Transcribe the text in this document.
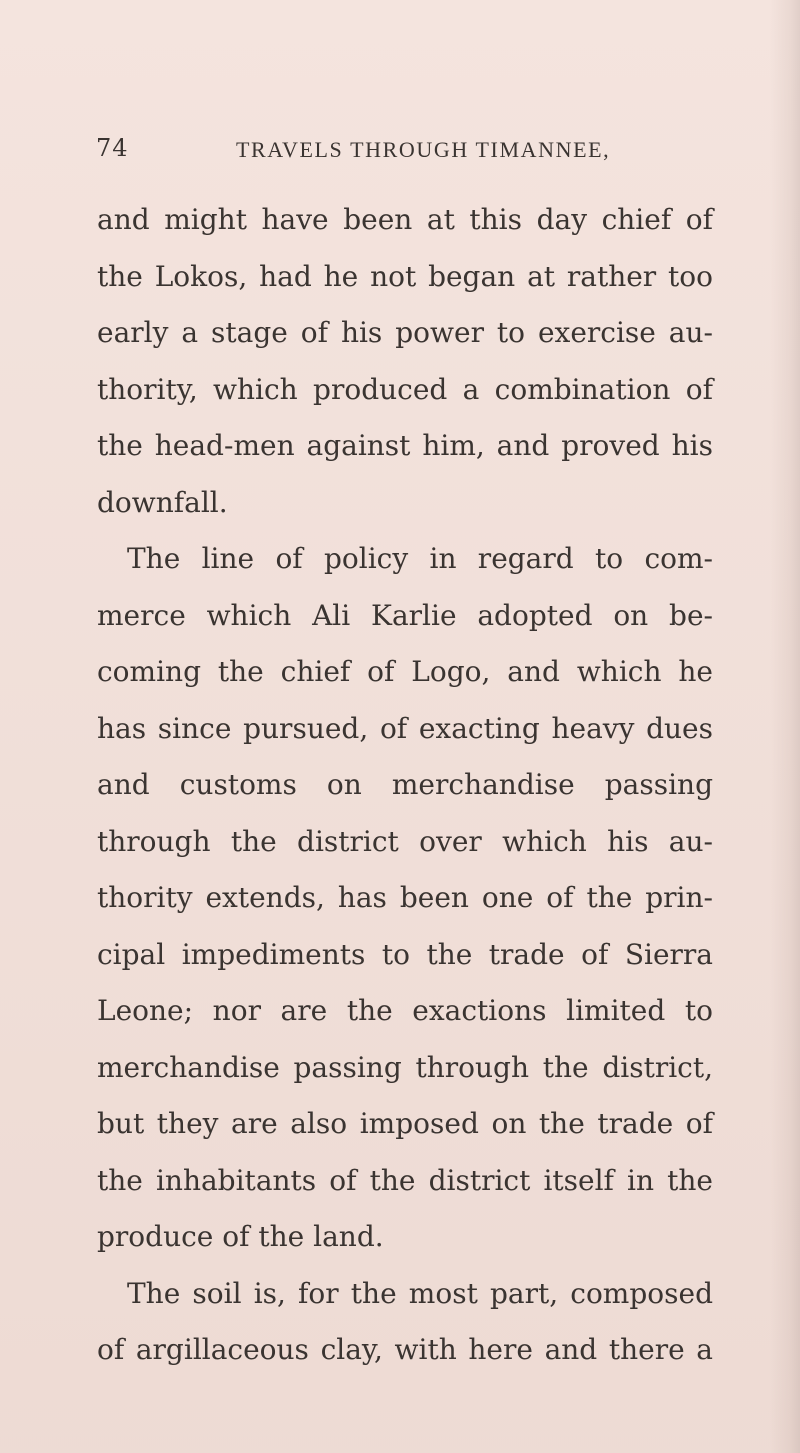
74	TRAVELS THROUGH TIMANNEE,
and might have been at this day chief of
the Lokos, had he not began at rather too
early a stage of his power to exercise au-
thority, which produced a combination of
the head-men against him, and proved his
downfall.
The line of policy in regard to com-
merce which Ali Karlie adopted on be-
coming the chief of Logo, and which he
has since pursued, of exacting heavy dues
and customs on merchandise passing
through the district over which his au-
thority extends, has been one of the prin-
cipal impediments to the trade of Sierra
Leone; nor are the exactions limited to
merchandise passing through the district,
but they are also imposed on the trade of
the inhabitants of the district itself in the
produce of the land.
The soil is, for the most part, composed
of argillaceous clay, with here and there a
